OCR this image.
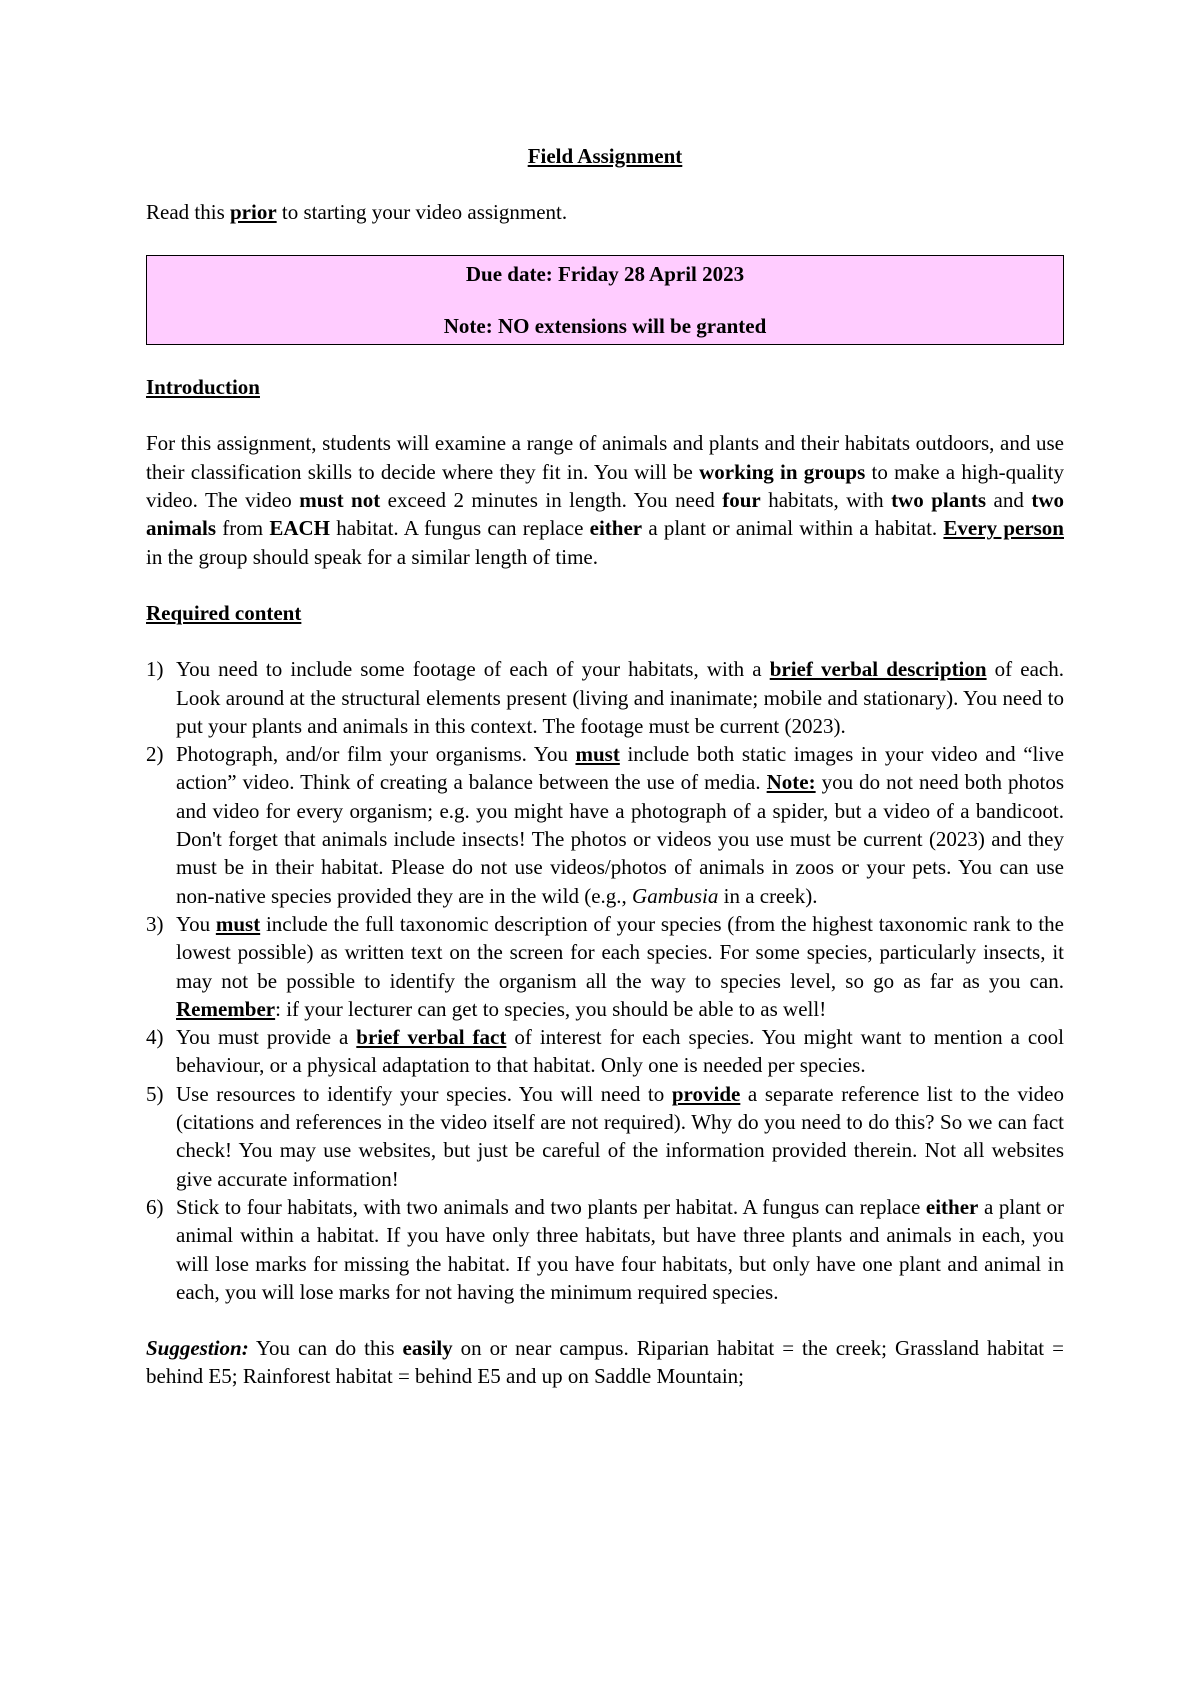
Field Assignment

Read this prior to starting your video assignment.

Due date: Friday 28 April 2023
Note: NO extensions will be granted

Introduction

For this assignment, students will examine a range of animals and plants and their habitats outdoors, and use their classification skills to decide where they fit in. You will be working in groups to make a high-quality video. The video must not exceed 2 minutes in length. You need four habitats, with two plants and two animals from EACH habitat. A fungus can replace either a plant or animal within a habitat. Every person in the group should speak for a similar length of time.

Required content

1) You need to include some footage of each of your habitats, with a brief verbal description of each. Look around at the structural elements present (living and inanimate; mobile and stationary). You need to put your plants and animals in this context. The footage must be current (2023).
2) Photograph, and/or film your organisms. You must include both static images in your video and “live action” video. Think of creating a balance between the use of media. Note: you do not need both photos and video for every organism; e.g. you might have a photograph of a spider, but a video of a bandicoot. Don't forget that animals include insects! The photos or videos you use must be current (2023) and they must be in their habitat. Please do not use videos/photos of animals in zoos or your pets. You can use non-native species provided they are in the wild (e.g., Gambusia in a creek).
3) You must include the full taxonomic description of your species (from the highest taxonomic rank to the lowest possible) as written text on the screen for each species. For some species, particularly insects, it may not be possible to identify the organism all the way to species level, so go as far as you can. Remember: if your lecturer can get to species, you should be able to as well!
4) You must provide a brief verbal fact of interest for each species. You might want to mention a cool behaviour, or a physical adaptation to that habitat. Only one is needed per species.
5) Use resources to identify your species. You will need to provide a separate reference list to the video (citations and references in the video itself are not required). Why do you need to do this? So we can fact check! You may use websites, but just be careful of the information provided therein. Not all websites give accurate information!
6) Stick to four habitats, with two animals and two plants per habitat. A fungus can replace either a plant or animal within a habitat. If you have only three habitats, but have three plants and animals in each, you will lose marks for missing the habitat. If you have four habitats, but only have one plant and animal in each, you will lose marks for not having the minimum required species.

Suggestion: You can do this easily on or near campus. Riparian habitat = the creek; Grassland habitat = behind E5; Rainforest habitat = behind E5 and up on Saddle Mountain;
